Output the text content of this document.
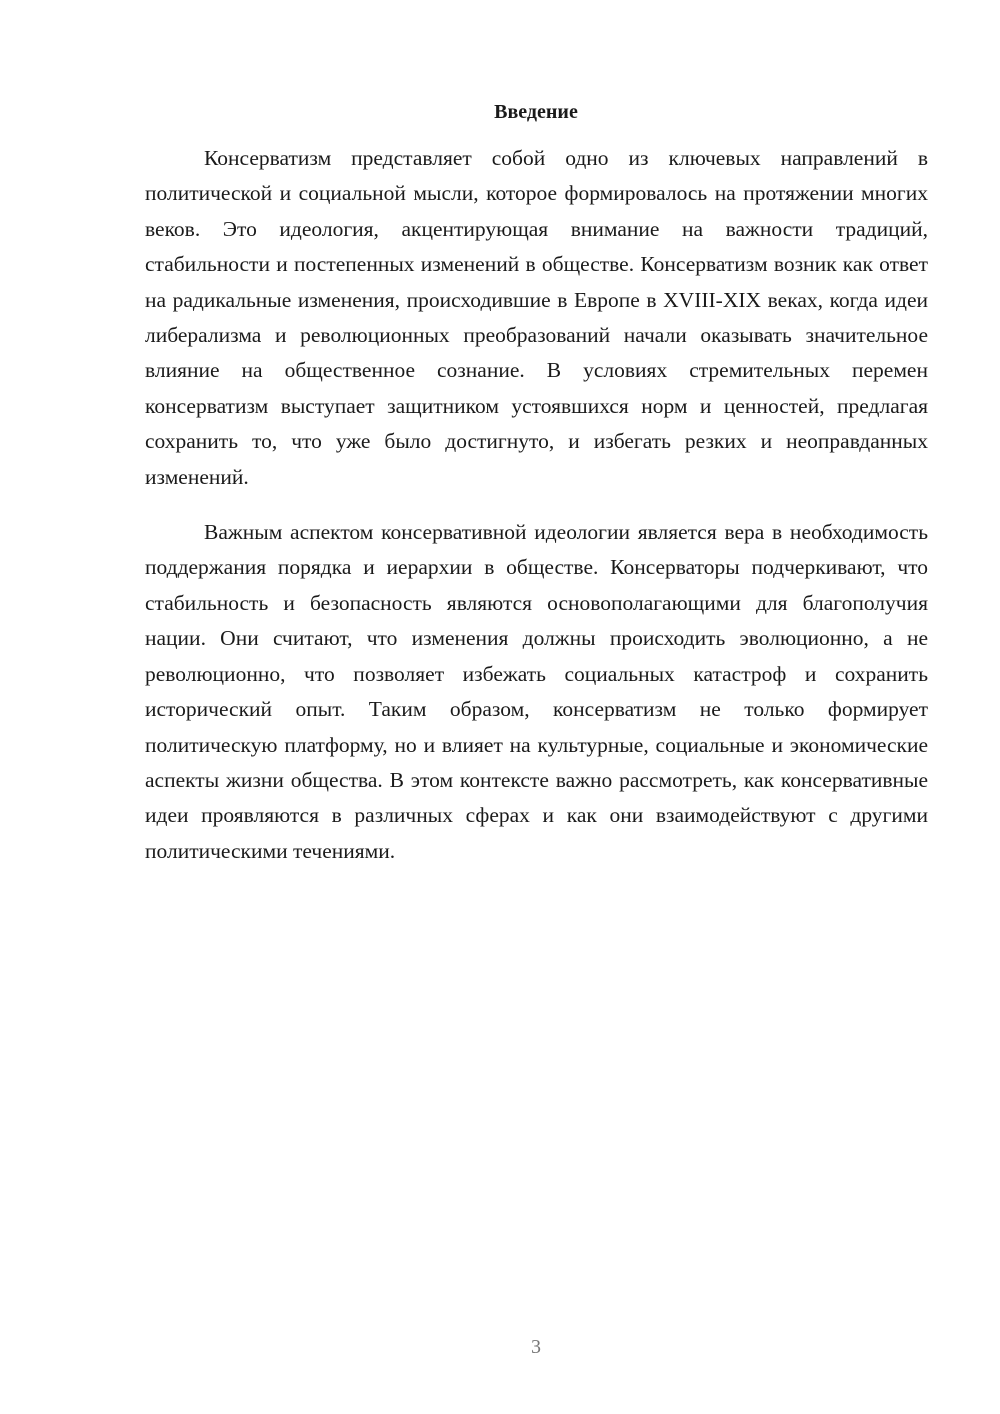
Введение

Консерватизм представляет собой одно из ключевых направлений в политической и социальной мысли, которое формировалось на протяжении многих веков. Это идеология, акцентирующая внимание на важности традиций, стабильности и постепенных изменений в обществе. Консерватизм возник как ответ на радикальные изменения, происходившие в Европе в XVIII-XIX веках, когда идеи либерализма и революционных преобразований начали оказывать значительное влияние на общественное сознание. В условиях стремительных перемен консерватизм выступает защитником устоявшихся норм и ценностей, предлагая сохранить то, что уже было достигнуто, и избегать резких и неоправданных изменений.

Важным аспектом консервативной идеологии является вера в необходимость поддержания порядка и иерархии в обществе. Консерваторы подчеркивают, что стабильность и безопасность являются основополагающими для благополучия нации. Они считают, что изменения должны происходить эволюционно, а не революционно, что позволяет избежать социальных катастроф и сохранить исторический опыт. Таким образом, консерватизм не только формирует политическую платформу, но и влияет на культурные, социальные и экономические аспекты жизни общества. В этом контексте важно рассмотреть, как консервативные идеи проявляются в различных сферах и как они взаимодействуют с другими политическими течениями.

3
